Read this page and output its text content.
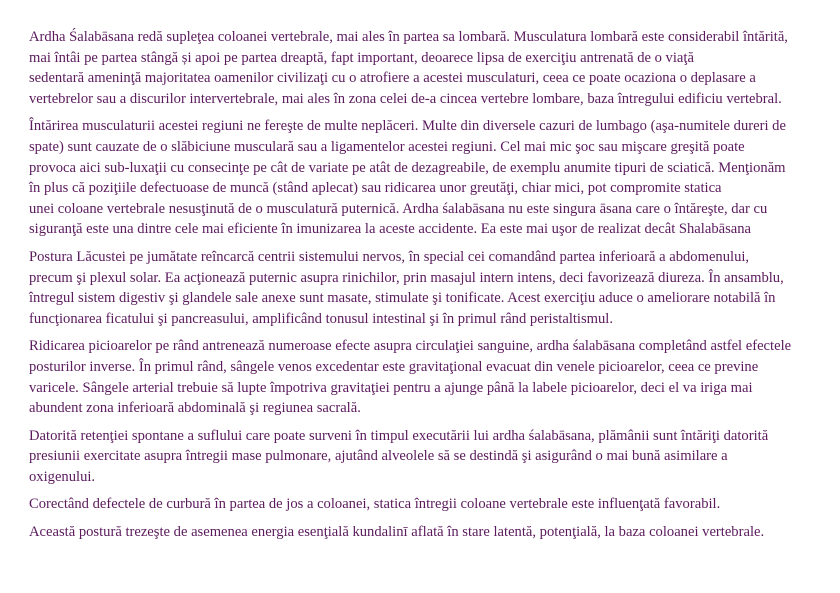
Ardha Śalabāsana redă supleţea coloanei vertebrale, mai ales în partea sa lombară. Musculatura lombară este considerabil întărită,
mai întâi pe partea stângă și apoi pe partea dreaptă, fapt important, deoarece lipsa de exerciţiu antrenată de o viaţă
sedentară ameninţă majoritatea oamenilor civilizaţi cu o atrofiere a acestei musculaturi, ceea ce poate ocaziona o deplasare a
vertebrelor sau a discurilor intervertebrale, mai ales în zona celei de-a cincea vertebre lombare, baza întregului edificiu vertebral.

Întărirea musculaturii acestei regiuni ne fereşte de multe neplăceri. Multe din diversele cazuri de lumbago (aşa-numitele dureri de
spate) sunt cauzate de o slăbiciune musculară sau a ligamentelor acestei regiuni. Cel mai mic şoc sau mişcare greşită poate
provoca aici sub-luxaţii cu consecinţe pe cât de variate pe atât de dezagreabile, de exemplu anumite tipuri de sciatică. Menţionăm
în plus că poziţiile defectuoase de muncă (stând aplecat) sau ridicarea unor greutăţi, chiar mici, pot compromite statica
unei coloane vertebrale nesusţinută de o musculatură puternică. Ardha śalabāsana nu este singura āsana care o întăreşte, dar cu
siguranţă este una dintre cele mai eficiente în imunizarea la aceste accidente. Ea este mai uşor de realizat decât Shalabāsana

Postura Lăcustei pe jumătate reîncarcă centrii sistemului nervos, în special cei comandând partea inferioară a abdomenului,
precum şi plexul solar. Ea acţionează puternic asupra rinichilor, prin masajul intern intens, deci favorizează diureza. În ansamblu,
întregul sistem digestiv şi glandele sale anexe sunt masate, stimulate şi tonificate. Acest exerciţiu aduce o ameliorare notabilă în
funcţionarea ficatului şi pancreasului, amplificând tonusul intestinal şi în primul rând peristaltismul.

Ridicarea picioarelor pe rând antrenează numeroase efecte asupra circulaţiei sanguine, ardha śalabāsana completând astfel efectele
posturilor inverse. În primul rând, sângele venos excedentar este gravitaţional evacuat din venele picioarelor, ceea ce previne
varicele. Sângele arterial trebuie să lupte împotriva gravitaţiei pentru a ajunge până la labele picioarelor, deci el va iriga mai
abundent zona inferioară abdominală şi regiunea sacrală.

Datorită retenţiei spontane a suflului care poate surveni în timpul executării lui ardha śalabāsana, plămânii sunt întăriţi datorită
presiunii exercitate asupra întregii mase pulmonare, ajutând alveolele să se destindă şi asigurând o mai bună asimilare a
oxigenului.

Corectând defectele de curbură în partea de jos a coloanei, statica întregii coloane vertebrale este influenţată favorabil.

Această postură trezeşte de asemenea energia esenţială kundalinī aflată în stare latentă, potenţială, la baza coloanei vertebrale.
